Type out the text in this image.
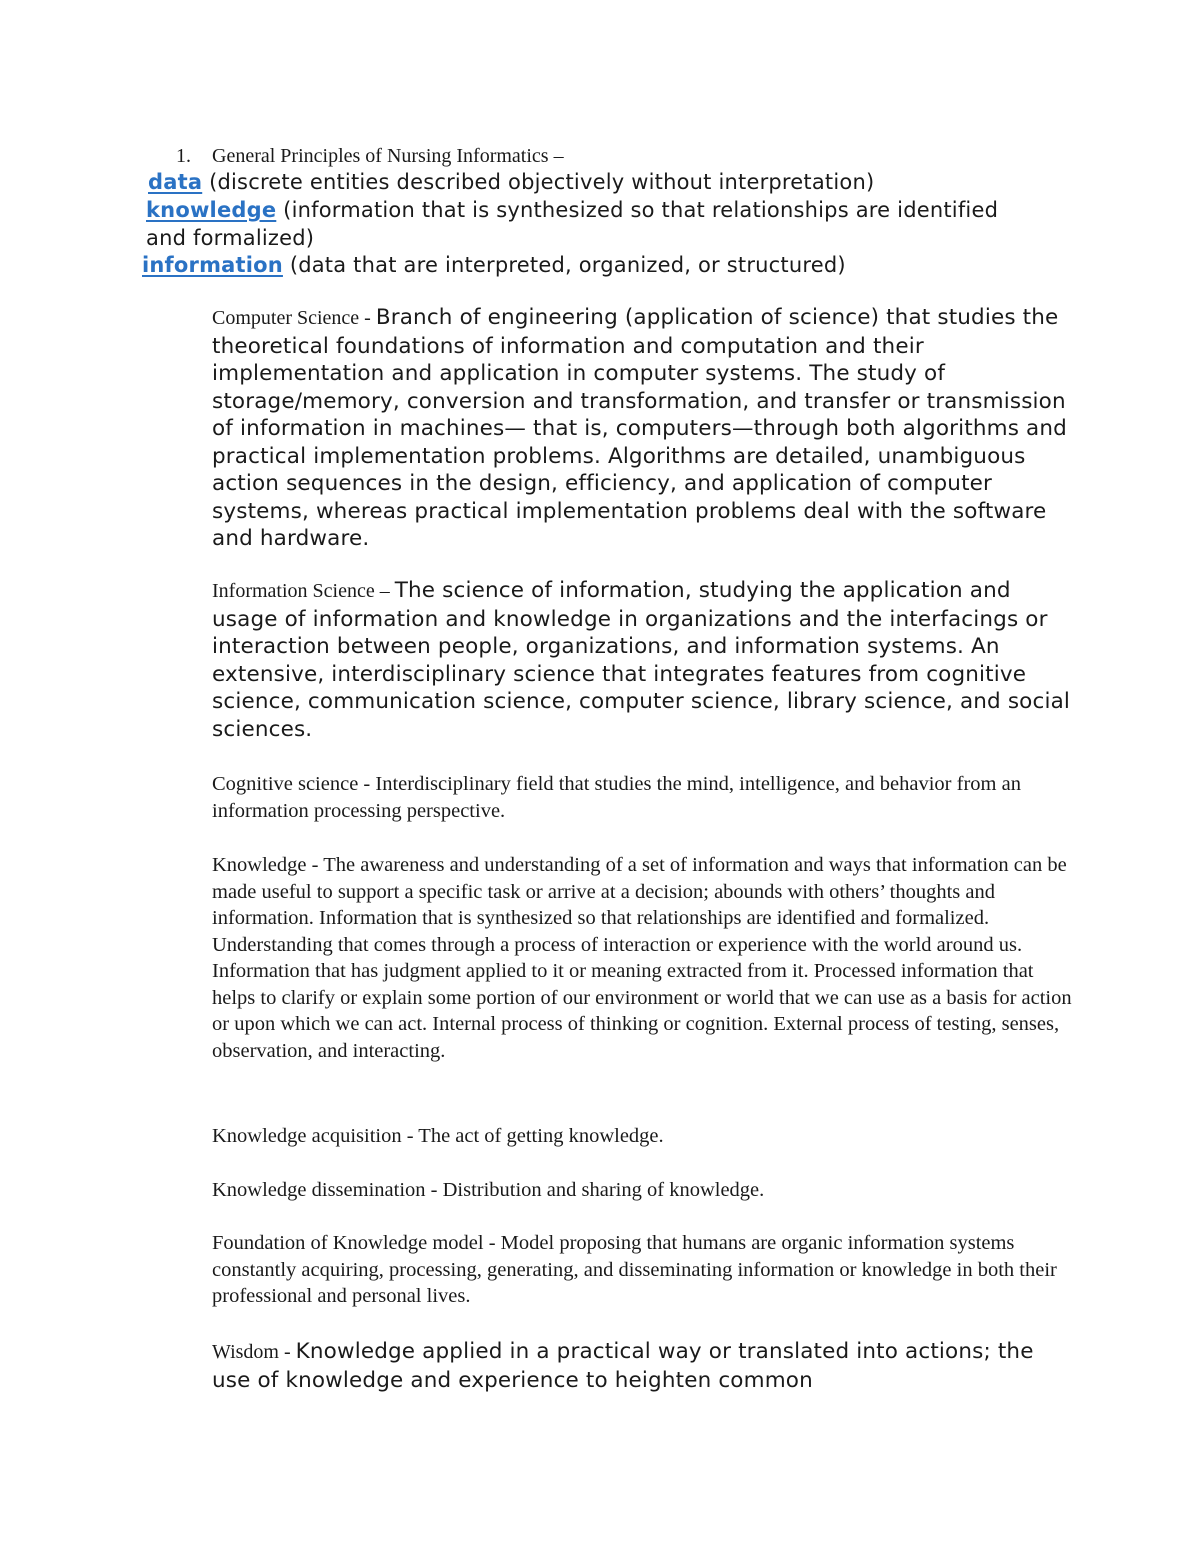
1. General Principles of Nursing Informatics –
data (discrete entities described objectively without interpretation)
knowledge (information that is synthesized so that relationships are identified and formalized)
information (data that are interpreted, organized, or structured)

Computer Science - Branch of engineering (application of science) that studies the theoretical foundations of information and computation and their implementation and application in computer systems. The study of storage/memory, conversion and transformation, and transfer or transmission of information in machines— that is, computers—through both algorithms and practical implementation problems. Algorithms are detailed, unambiguous action sequences in the design, efficiency, and application of computer systems, whereas practical implementation problems deal with the software and hardware.

Information Science – The science of information, studying the application and usage of information and knowledge in organizations and the interfacings or interaction between people, organizations, and information systems. An extensive, interdisciplinary science that integrates features from cognitive science, communication science, computer science, library science, and social sciences.

Cognitive science - Interdisciplinary field that studies the mind, intelligence, and behavior from an information processing perspective.

Knowledge - The awareness and understanding of a set of information and ways that information can be made useful to support a specific task or arrive at a decision; abounds with others’ thoughts and information. Information that is synthesized so that relationships are identified and formalized. Understanding that comes through a process of interaction or experience with the world around us. Information that has judgment applied to it or meaning extracted from it. Processed information that helps to clarify or explain some portion of our environment or world that we can use as a basis for action or upon which we can act. Internal process of thinking or cognition. External process of testing, senses, observation, and interacting.

Knowledge acquisition - The act of getting knowledge.

Knowledge dissemination - Distribution and sharing of knowledge.

Foundation of Knowledge model - Model proposing that humans are organic information systems constantly acquiring, processing, generating, and disseminating information or knowledge in both their professional and personal lives.

Wisdom - Knowledge applied in a practical way or translated into actions; the use of knowledge and experience to heighten common
